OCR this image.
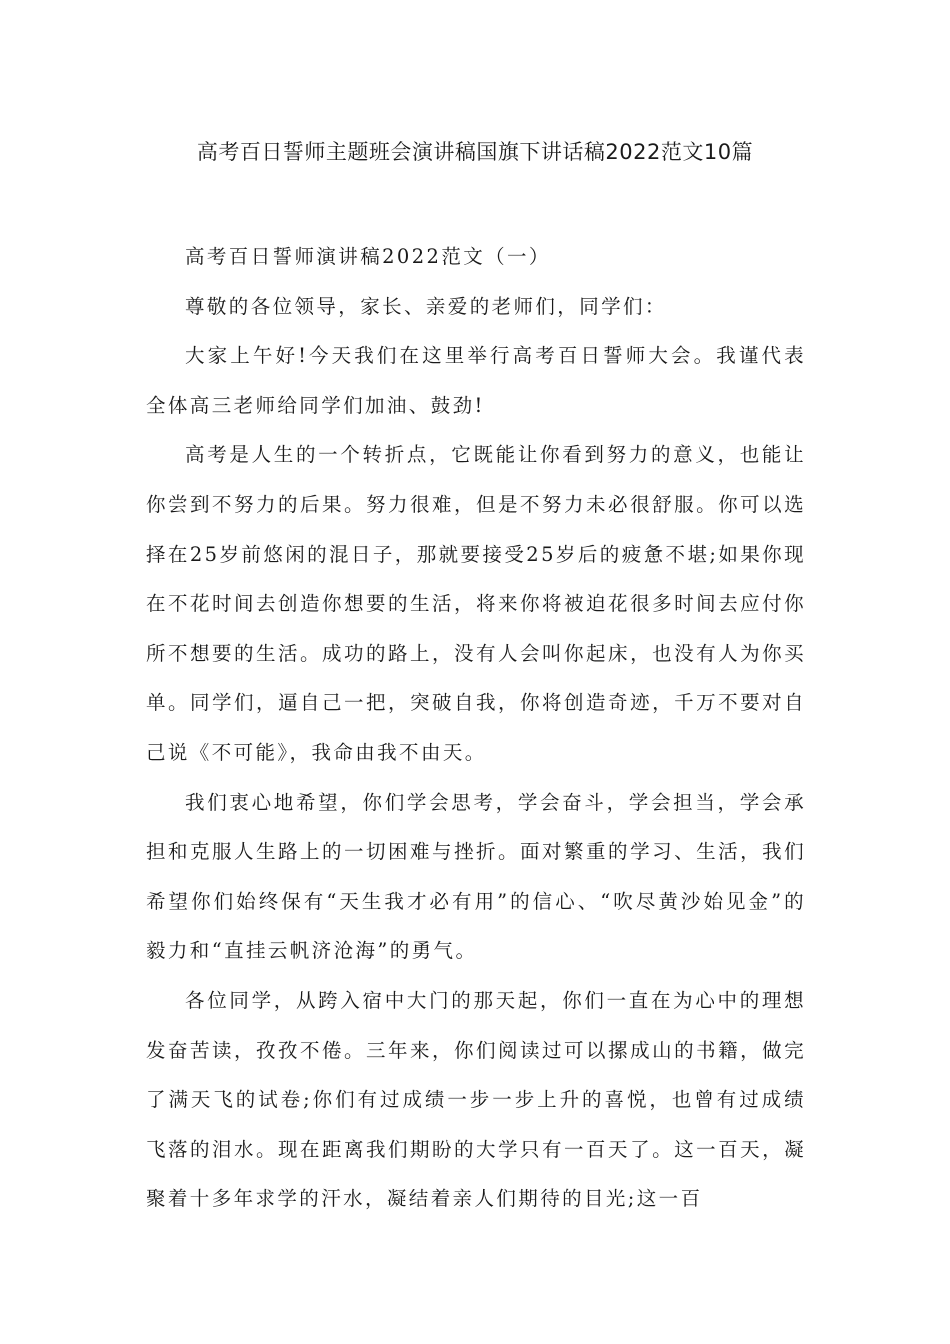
高考百日誓师主题班会演讲稿国旗下讲话稿2022范文10篇

高考百日誓师演讲稿2022范文（一）

尊敬的各位领导，家长、亲爱的老师们，同学们：

大家上午好!今天我们在这里举行高考百日誓师大会。我谨代表全体高三老师给同学们加油、鼓劲!

高考是人生的一个转折点，它既能让你看到努力的意义，也能让你尝到不努力的后果。努力很难，但是不努力未必很舒服。你可以选择在25岁前悠闲的混日子，那就要接受25岁后的疲惫不堪;如果你现在不花时间去创造你想要的生活，将来你将被迫花很多时间去应付你所不想要的生活。成功的路上，没有人会叫你起床，也没有人为你买单。同学们，逼自己一把，突破自我，你将创造奇迹，千万不要对自己说《不可能》，我命由我不由天。

我们衷心地希望，你们学会思考，学会奋斗，学会担当，学会承担和克服人生路上的一切困难与挫折。面对繁重的学习、生活，我们希望你们始终保有“天生我才必有用”的信心、“吹尽黄沙始见金”的毅力和“直挂云帆济沧海”的勇气。

各位同学，从跨入宿中大门的那天起，你们一直在为心中的理想发奋苦读，孜孜不倦。三年来，你们阅读过可以摞成山的书籍，做完了满天飞的试卷;你们有过成绩一步一步上升的喜悦，也曾有过成绩飞落的泪水。现在距离我们期盼的大学只有一百天了。这一百天，凝聚着十多年求学的汗水，凝结着亲人们期待的目光;这一百
